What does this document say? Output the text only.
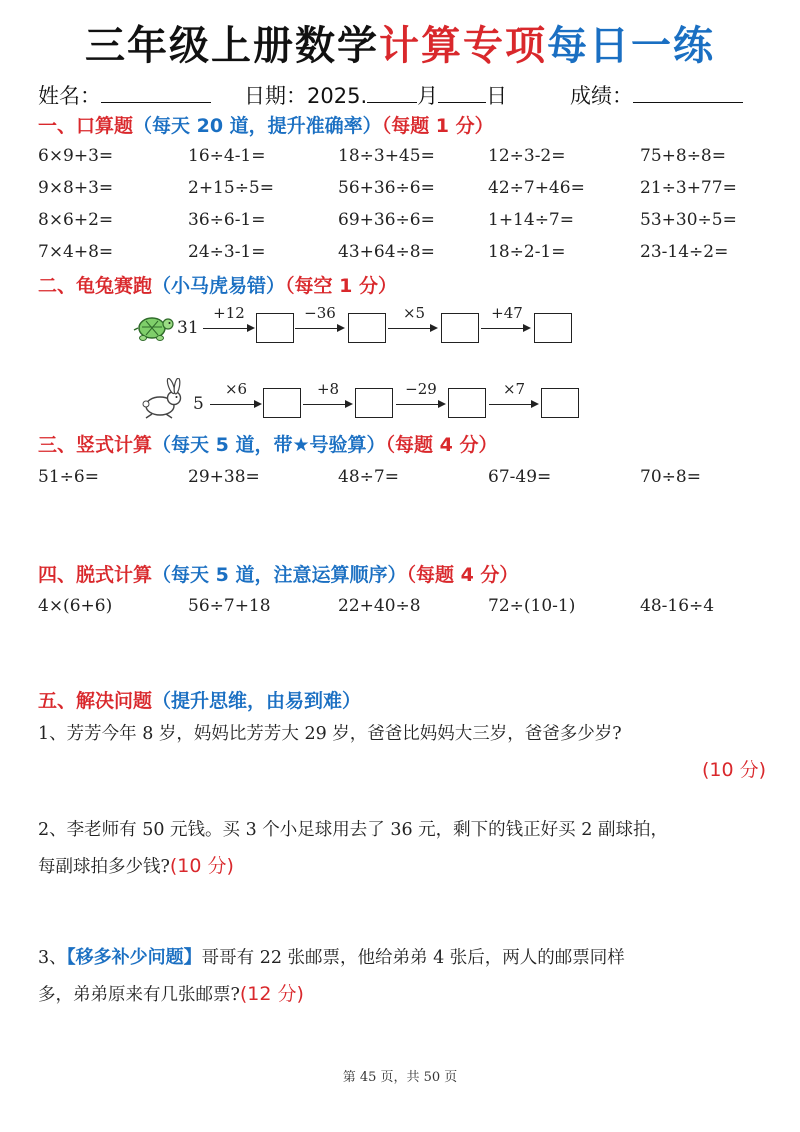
三年级上册数学计算专项每日一练
姓名：	日期：2025. 月 日	成绩：
一、口算题（每天 20 道，提升准确率）（每题 1 分）
6×9+3=	16÷4-1=	18÷3+45=	12÷3-2=	75+8÷8=
9×8+3=	2+15÷5=	56+36÷6=	42÷7+46=	21÷3+77=
8×6+2=	36÷6-1=	69+36÷6=	1+14÷7=	53+30÷5=
7×4+8=	24÷3-1=	43+64÷8=	18÷2-1=	23-14÷2=
二、龟兔赛跑（小马虎易错）（每空 1 分）
31
+12	−36	×5	+47
5
×6	+8	−29	×7
三、竖式计算（每天 5 道，带★号验算）（每题 4 分）
51÷6=	29+38=	48÷7=	67-49=	70÷8=
四、脱式计算（每天 5 道，注意运算顺序）（每题 4 分）
4×(6+6)	56÷7+18	22+40÷8	72÷(10-1)	48-16÷4
五、解决问题（提升思维，由易到难）
1、芳芳今年 8 岁，妈妈比芳芳大 29 岁，爸爸比妈妈大三岁，爸爸多少岁?
(10 分)
2、李老师有 50 元钱。买 3 个小足球用去了 36 元，剩下的钱正好买 2 副球拍，
每副球拍多少钱?(10 分)
3、【移多补少问题】哥哥有 22 张邮票，他给弟弟 4 张后，两人的邮票同样
多，弟弟原来有几张邮票?(12 分)
第 45 页，共 50 页
